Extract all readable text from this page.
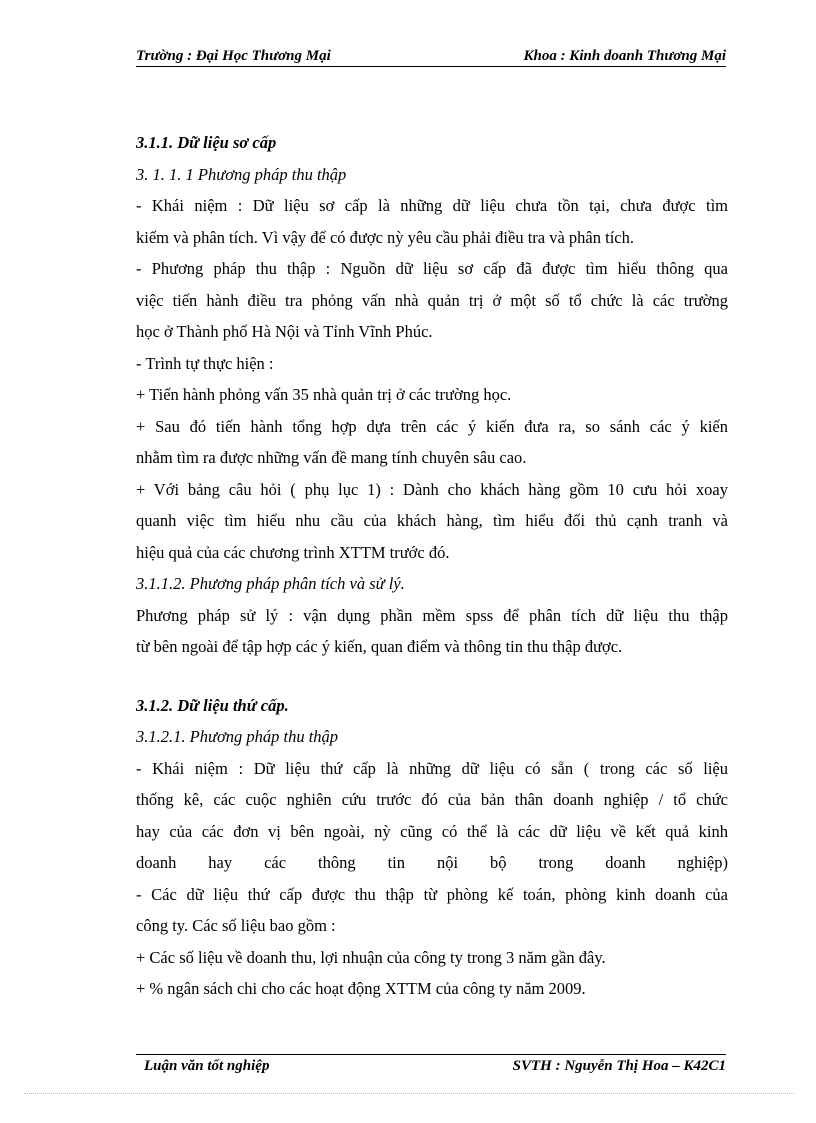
Trường : Đại Học Thương Mại	Khoa : Kinh doanh Thương Mại
3.1.1. Dữ liệu sơ cấp
3. 1. 1. 1 Phương pháp thu thập
- Khái niệm : Dữ liệu sơ cấp là những dữ liệu chưa tồn tại, chưa được tìm
kiếm và phân tích. Vì vậy để có được nỳ yêu cầu phải điều tra và phân tích.
- Phương pháp thu thập : Nguồn dữ liệu sơ cấp đã được tìm hiểu thông qua
việc tiến hành điều tra phỏng vấn nhà quản trị ở một số tổ chức là các trường
học ở Thành phố Hà Nội và Tỉnh Vĩnh Phúc.
- Trình tự thực hiện :
+ Tiến hành phỏng vấn 35 nhà quản trị ở các trường học.
+ Sau đó tiến hành tổng hợp dựa trên các ý kiến đưa ra, so sánh các ý kiến
nhằm tìm ra được những vấn đề mang tính chuyên sâu cao.
+ Với bảng câu hỏi ( phụ lục 1) : Dành cho khách hàng gồm 10 cưu hỏi xoay
quanh việc tìm hiểu nhu cầu của khách hàng, tìm hiểu đối thủ cạnh tranh và
hiệu quả của các chương trình XTTM trước đó.
3.1.1.2. Phương pháp phân tích và sử lý.
Phương pháp sử lý : vận dụng phần mềm spss để phân tích dữ liệu thu thập
từ bên ngoài để tập hợp các ý kiến, quan điểm và thông tin thu thập được.
3.1.2. Dữ liệu thứ cấp.
3.1.2.1. Phương pháp thu thập
- Khái niệm : Dữ liệu thứ cấp là những dữ liệu có sẵn ( trong các số liệu
thống kê, các cuộc nghiên cứu trước đó của bản thân doanh nghiệp / tổ chức
hay của các đơn vị bên ngoài, nỳ cũng có thể là các dữ liệu về kết quả kinh
doanh hay các thông tin nội bộ trong doanh nghiệp)
- Các dữ liệu thứ cấp được thu thập từ phòng kế toán, phòng kinh doanh của
công ty. Các số liệu bao gồm :
+ Các số liệu về doanh thu, lợi nhuận của công ty trong 3 năm gần đây.
+ % ngân sách chi cho các hoạt động XTTM của công ty năm 2009.
Luận văn tốt nghiệp	SVTH : Nguyễn Thị Hoa – K42C1
